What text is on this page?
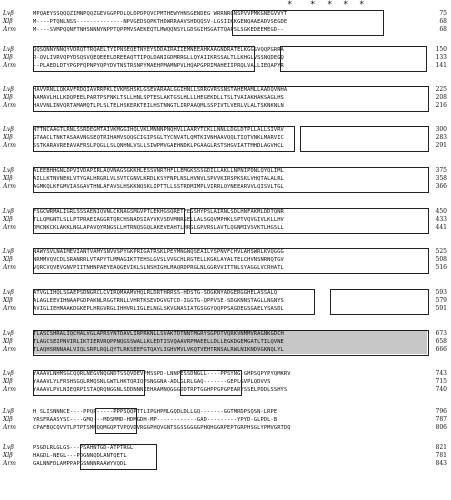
* * * * *
Lvβ	MPQAEYSSQQQZIMNPQQZGEVGGPPDLQLDPDPQVCPMTHEWYHNSGENDEG WRRNRGNSPVVPMKGNEGVVYT	75
Xlβ	M----PTQNLNSS--------------NPVGEDSQPKTHDWRRAAVSHDQQSV-LGSIIKKGENQAAEADVSEGDE	68
Arm	M----SVMPQQNFTNHSNNNYNPPTQPPMVSAEKEQTLMWQQNSYLGDSGIHSGATTQAPSLSGKEDEEMEGD--	68
Lvβ	QQSQNNYNNQYVDRQTTRQAELTYIPNSEQETNYEYSDDAIRAIIEMNEEAHKAAGNDRATELKGGSVQQPGRRA	150
Xlβ	R-QVLIVRVQPYDSQSVQEQEEELDREEAQTTIPQLDANIGDMRRGLLQYAIIKRSSALTLLKHGLVSSNQDEGQ	133
Arm	--PLAEDLDTYPGPFQPNPYQPYDVTNSTRSNPYMAEHPMAMNPVLHQAPGPRIMAHEIIPRQLVALLIEQAPYR	141
Lvβ	HAVVRNLLQKAVFRDQIAVRRPKLIVKMSHSKLGSEVARAALGGIHNLLSRRGVRSSNSTAHEMAMLLAADQVNHA	225
Xlβ	AAMAVLHLLKDQPEELPARTPSFNKLTSLLHNLSPTESLAKTGSLHLLLHEGEKDLLTSLTVAIAKHAKSAGLHS	208
Arm	HAVVNLINVQRTAMAMQTLPLSLTELHSKERKTEILHSTNNGTLIRPAAQMLSSPIVTLVERLVLALTSKNKNLN	216
Lvβ	NTTNCAAGTLRNLSSRDEGMTAIVKMGGIHQLVKLMNNNPNQHVLLAARYTCKLLNNLLDGLDTPLLALLSIVRV	300
Xlβ	GTAACLTNKTASAAVNGSEQTRIHAMVSQQGCIGIPSGLTYCNVATLQMTKIVNHAAVQQLTIQTVNKLMARVIC	283
Arm	SSTKARAVREEAVAFRSLPQGLLSLQNHNLVSLLSIWPMVGAEHNDKLPGAAGLRSTSHGVIATTMHDLAGVHCL	291
Lvβ	ALEEBHHGNLDPVIVDAPIRLAQVNAGSGKKHLESSVNRTHFLLEMGKSSSGDILLAKLLNPNIPDNLQYQLIML	375
Xlβ	AILLKTNVNEKLVTYGALHRGRLVLSVTCGNVLKRDLKSYFNPLNSLHVNVLSPVVKIRSPKSKLVHQTALALRL	358
Arm	AGMKQLKFGMVIASGAVTHNLAFAVSLHSKKNQSKLIPTTLLSSTRDMIMPLVIRRLQYNEEARVVLQISVLTGL	366
Lvβ	FSGCWRMALIGRLSSSAENIQVNLCKNAGSMGVPTLEKHGSQRETFEGSHYPSLAIRNLSDLHNFAKMLDDTQNR	450
Xlβ	TLLQMGNTLSLLPTPRAEIAGGRTQRCHSNADSIAYVKVSDVMNRSELLALSGQVMPHKLSPTVQVGIVLKLLHV	433
Arm	DMCNKCKLAKKLNGLAPAVQYRNGSLLHTRNQSGQLAKEVEAHTLHRGLGPVRSLAVTLQGNMIVSVKTLHGSLL	441
Lvβ	NAWYSVLNAIMEVIANTVAMYSNVVSPYGKPRIGATRSKLPEYMNGNQSEAILYSPNVFCHVLAHSWRLKVQGGG	525
Xlβ	NRMMVQVCDLSRANRRLVTAPYTLMMAGIKTTEHSLGVSLVVGCHLRGTELLKGKLAYALTELCHVNSNRNQTGV	508
Arm	VQRCVQVEVGNVPIITNHNPAEYEAQGEVIKLSLNSHIGHLMAQRDPRGLNLGGRVVITTNLSYAGGLVCRHATL	516
Lvβ	ATVGLIHQLSGAEPSDNGRCLCVIRQMAAMVHQLRLDRTHRRSS-HDSTG-SDGKNYADGERGGHELASSALQ	593
Xlβ	ALAGLEEVIHNAAPGDPAKNLRGGTRNLLVHRTKSEVDGVGTCD-IGGTG-QPPVSE-SDGKNNSTAGLLNGNYS	579
Arm	AVIGLIEHMAAKDGKEPLHRGVRGLIHHVRLIGLELNGLSKVGNASIATGSGGYQQPPSAGDEGSGAELYSASDL	591
Lvβ	TLASCSHRALIQCHALVGLAPRSYNTDAVLIRPRKNLLSVAKTDTNNTMGRYSGPDTVQRKVNMMVRAGNKGDCH	673
Xlβ	TLAGCSEIPNVIRLIKTIERVRQPPNQGSSWALLKLEDTISVQAAVRPMAEELLDLLEGKDGEMGATLTILQVNE	658
Arm	TLAQHSRNNAALVIQLSRPLRQLQYTLRKSEEFGTQAYLIGHVMVLVKQTVEHTRNSALRWLNIKNDVGKNQLYL	666
Lvβ	YAAAVLNHMSGCQQRLNEGVNQGNDTSSQVDEVPMSSPD-LNNPESSDNGLL----PPSYNG-GMPSQPYPYQMKRV	743
Xlβ	YAAAVLYLFRSHSGQLRMQSNLGWTLHKTQRIQPSNGGNA-ADLGLRLGAQ-------GEPLGVPLQDVVS	715
Arm	YAAAVLPVLNIEQRPISTAQRQNGGNLSDDNNNIEHAAMNQGGGDDTRPTGGHPPGPGPEARYSSELPDDLSSHYS	740
Lvβ	H SLISNNNCE----PPQP-----PPPSQQPTTLIPGHPMLGQDLDLLGQ-------GGTMRDPSQSN-LRPE	796
Xlβ	YRSFRAASYSC----GMQ---MDSMMD-HDMGDH-MP------------GAD---------YPYD-GLPDL-B	787
Arm	CPAFBQCQVVTLPTPTSMNQQMGQPTVPQVDVRGGPHQVGNTSGSSGGGGPHQHGGRPEPTGRPHSGLYPMVGRTDQ	806
Lvβ	PSGDLRLGLGS---PSAHNTGD-ATPTRGL	821
Xlβ	HAGDL-NEGL---PDGNNQDLANTQETL	781
Arm	GALNNFDLAMPPAPGSNNNRAAWYVQDL	843
